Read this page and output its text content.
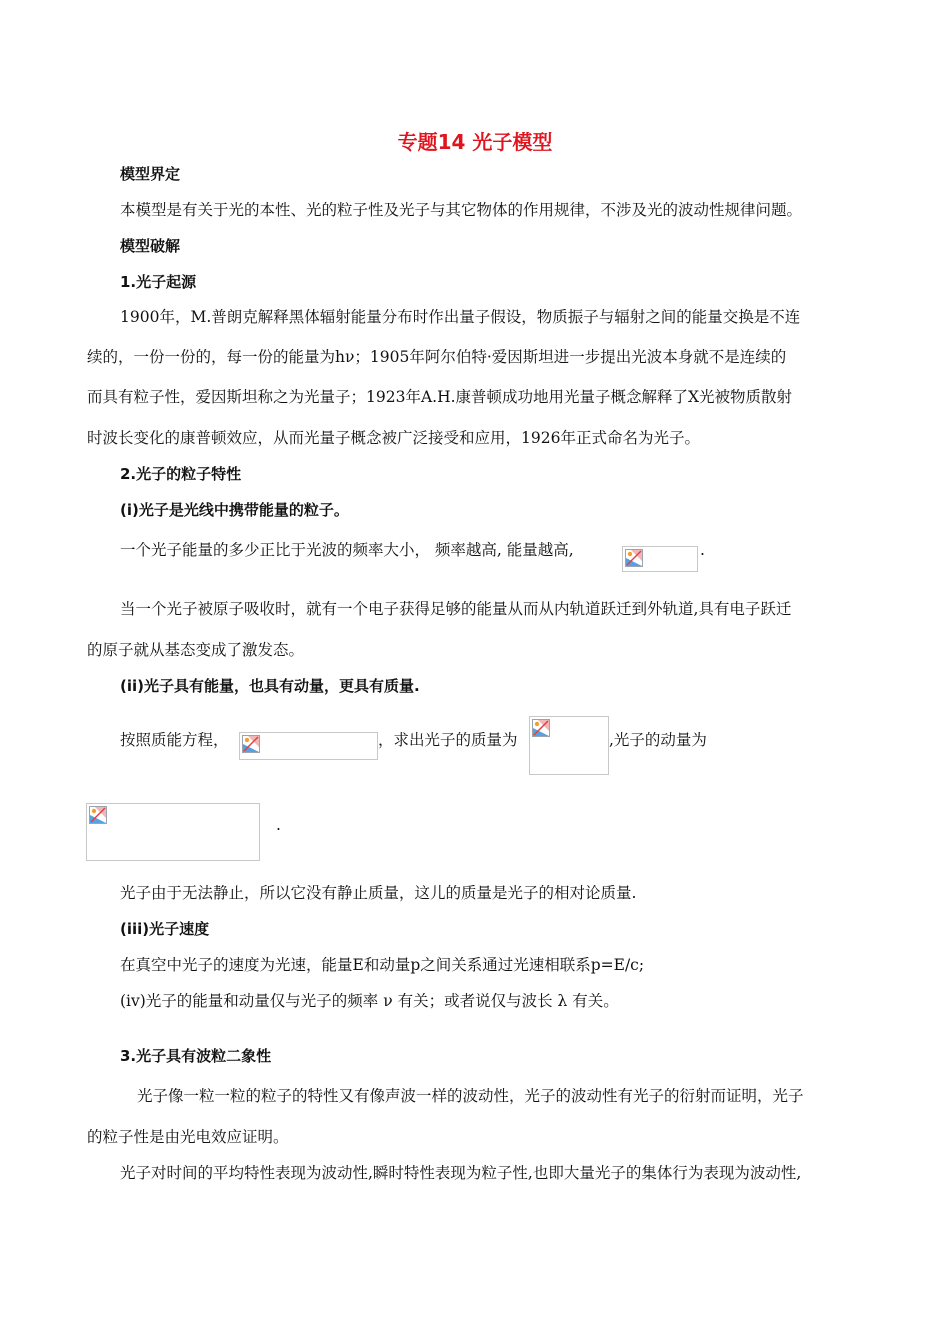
专题14 光子模型
模型界定
本模型是有关于光的本性、光的粒子性及光子与其它物体的作用规律，不涉及光的波动性规律问题。
模型破解
1.光子起源
1900年，M.普朗克解释黑体辐射能量分布时作出量子假设，物质振子与辐射之间的能量交换是不连
续的，一份一份的，每一份的能量为hν；1905年阿尔伯特·爱因斯坦进一步提出光波本身就不是连续的
而具有粒子性，爱因斯坦称之为光量子；1923年A.H.康普顿成功地用光量子概念解释了X光被物质散射
时波长变化的康普顿效应，从而光量子概念被广泛接受和应用，1926年正式命名为光子。
2.光子的粒子特性
(i)光子是光线中携带能量的粒子。
一个光子能量的多少正比于光波的频率大小， 频率越高, 能量越高,	.
当一个光子被原子吸收时，就有一个电子获得足够的能量从而从内轨道跃迁到外轨道,具有电子跃迁
的原子就从基态变成了激发态。
(ii)光子具有能量，也具有动量，更具有质量.
按照质能方程，	，求出光子的质量为	,光子的动量为
.
光子由于无法静止，所以它没有静止质量，这儿的质量是光子的相对论质量.
(iii)光子速度
在真空中光子的速度为光速，能量E和动量p之间关系通过光速相联系p=E/c;
(iv)光子的能量和动量仅与光子的频率 ν 有关；或者说仅与波长 λ 有关。
3.光子具有波粒二象性
光子像一粒一粒的粒子的特性又有像声波一样的波动性，光子的波动性有光子的衍射而证明，光子
的粒子性是由光电效应证明。
光子对时间的平均特性表现为波动性,瞬时特性表现为粒子性,也即大量光子的集体行为表现为波动性,
